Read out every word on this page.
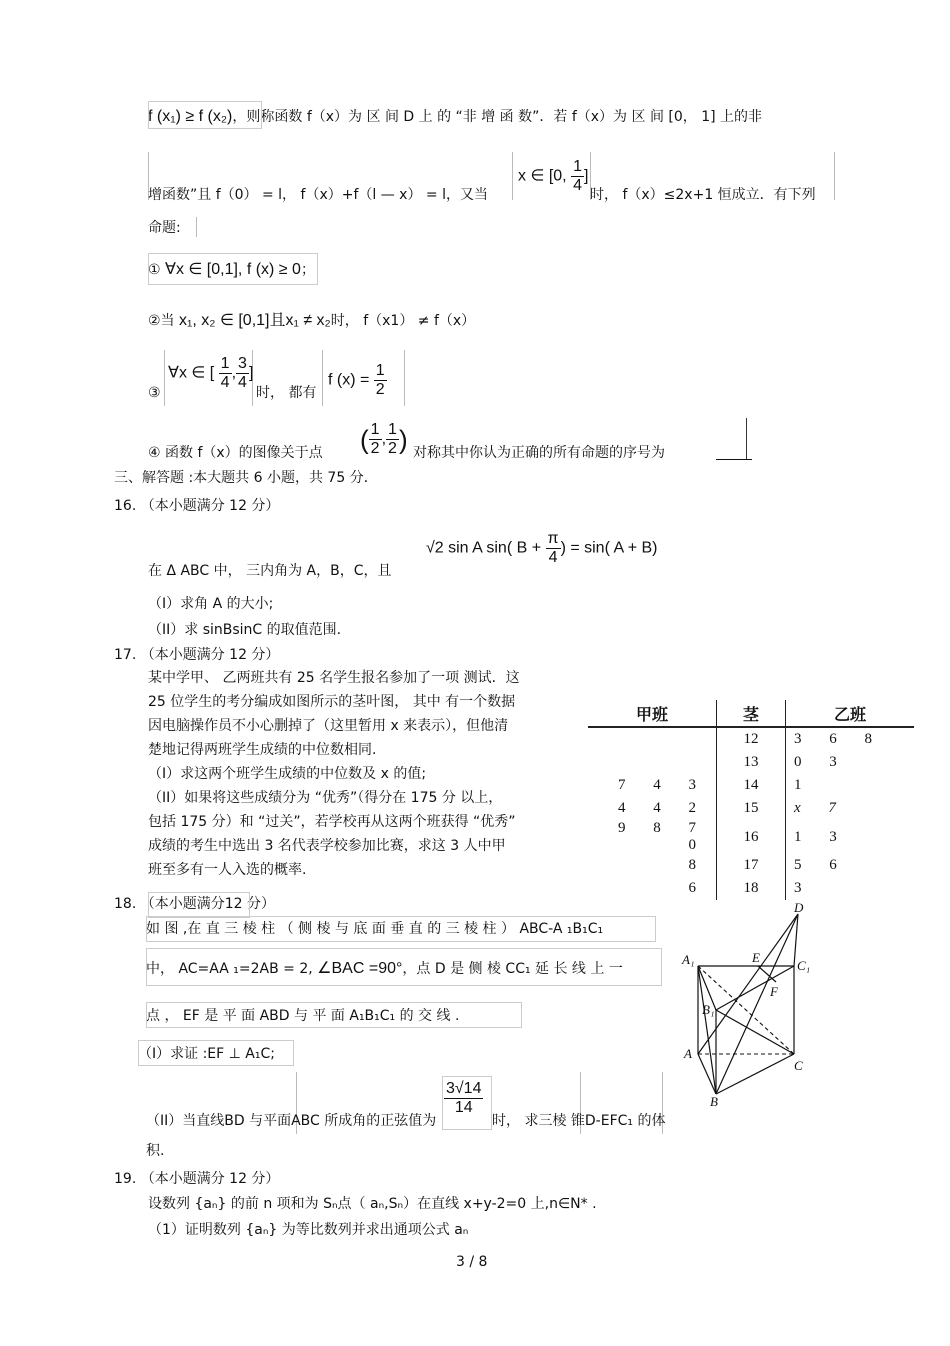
f (x₁) ≥ f (x₂)，则称函数 f（x）为 区 间 D 上 的 “非 增 函 数”．若 f（x）为 区 间 [0， 1] 上的非
增函数”且 f（0） = l， f（x）+f（l — x） = l，又当
x ∈ [0, $\frac{1}{4}$ ]
时， f（x）≤2x+1 恒成立．有下列
命题:
① ∀x ∈ [0,1], f (x) ≥ 0；
②当 x₁, x₂ ∈ [0,1]且x₁ ≠ x₂时， f（x1） ≠ f（x）
③
∀x ∈ [ $\frac{1}{4}$ , $\frac{3}{4}$ ]
时， 都有
f $(x) = \frac{1}{2}$
④ 函数 f（x）的图像关于点 ( $\frac{1}{2}$ , $\frac{1}{2}$ ) 对称其中你认为正确的所有命题的序号为
三、解答题 :本大题共 6 小题，共 75 分．
16. （本小题满分 12 分）
√2 sin A sin( $B + \frac{\pi}{4}$ ) = sin( A + B)
在 Δ ABC 中， 三内角为 A，B，C，且
（I）求角 A 的大小;
（II）求 sinBsinC 的取值范围.
17. （本小题满分 12 分）
某中学甲、 乙两班共有 25 名学生报名参加了一项 测试．这
25 位学生的考分编成如图所示的茎叶图， 其中 有一个数据
因电脑操作员不小心删掉了（这里暂用 x 来表示），但他清
楚地记得两班学生成绩的中位数相同.
（I）求这两个班学生成绩的中位数及 x 的值;
（II）如果将这些成绩分为 “优秀”（得分在 175 分 以上，
包括 175 分）和 “过关”，若学校再从这两个班获得 “优秀”
成绩的考生中选出 3 名代表学校参加比赛，求这 3 人中甲
班至多有一人入选的概率.
甲班	茎	乙班
	12	3 6 8
	13	0 3
7 4 3	14	1
4 4 2	15	x 7
9 8 7 0	16	1 3
8	17	5 6
6	18	3
18. （本小题满分12 分）
如 图 ,在 直 三 棱 柱 （ 侧 棱 与 底 面 垂 直 的 三 棱 柱 ） ABC-A ₁B₁C₁
中， AC=AA ₁=2AB = 2, ∠BAC =90°，点 D 是 侧 棱 CC₁ 延 长 线 上 一
点 ， EF 是 平 面 ABD 与 平 面 A₁B₁C₁ 的 交 线 .
（I）求证 :EF ⊥ A₁C;
$\frac{3√14}{14}$
（II）当直线BD 与平面ABC 所成角的正弦值为	时， 求三棱 锥D-EFC₁ 的体
积.
D
A₁	E
C₁
F
B₁
A
C
B
19. （本小题满分 12 分）
设数列 {aₙ} 的前 n 项和为 Sₙ点（ aₙ,Sₙ）在直线 x+y-2=0 上,n∈N* .
（1）证明数列 {aₙ} 为等比数列并求出通项公式 aₙ
3 / 8
